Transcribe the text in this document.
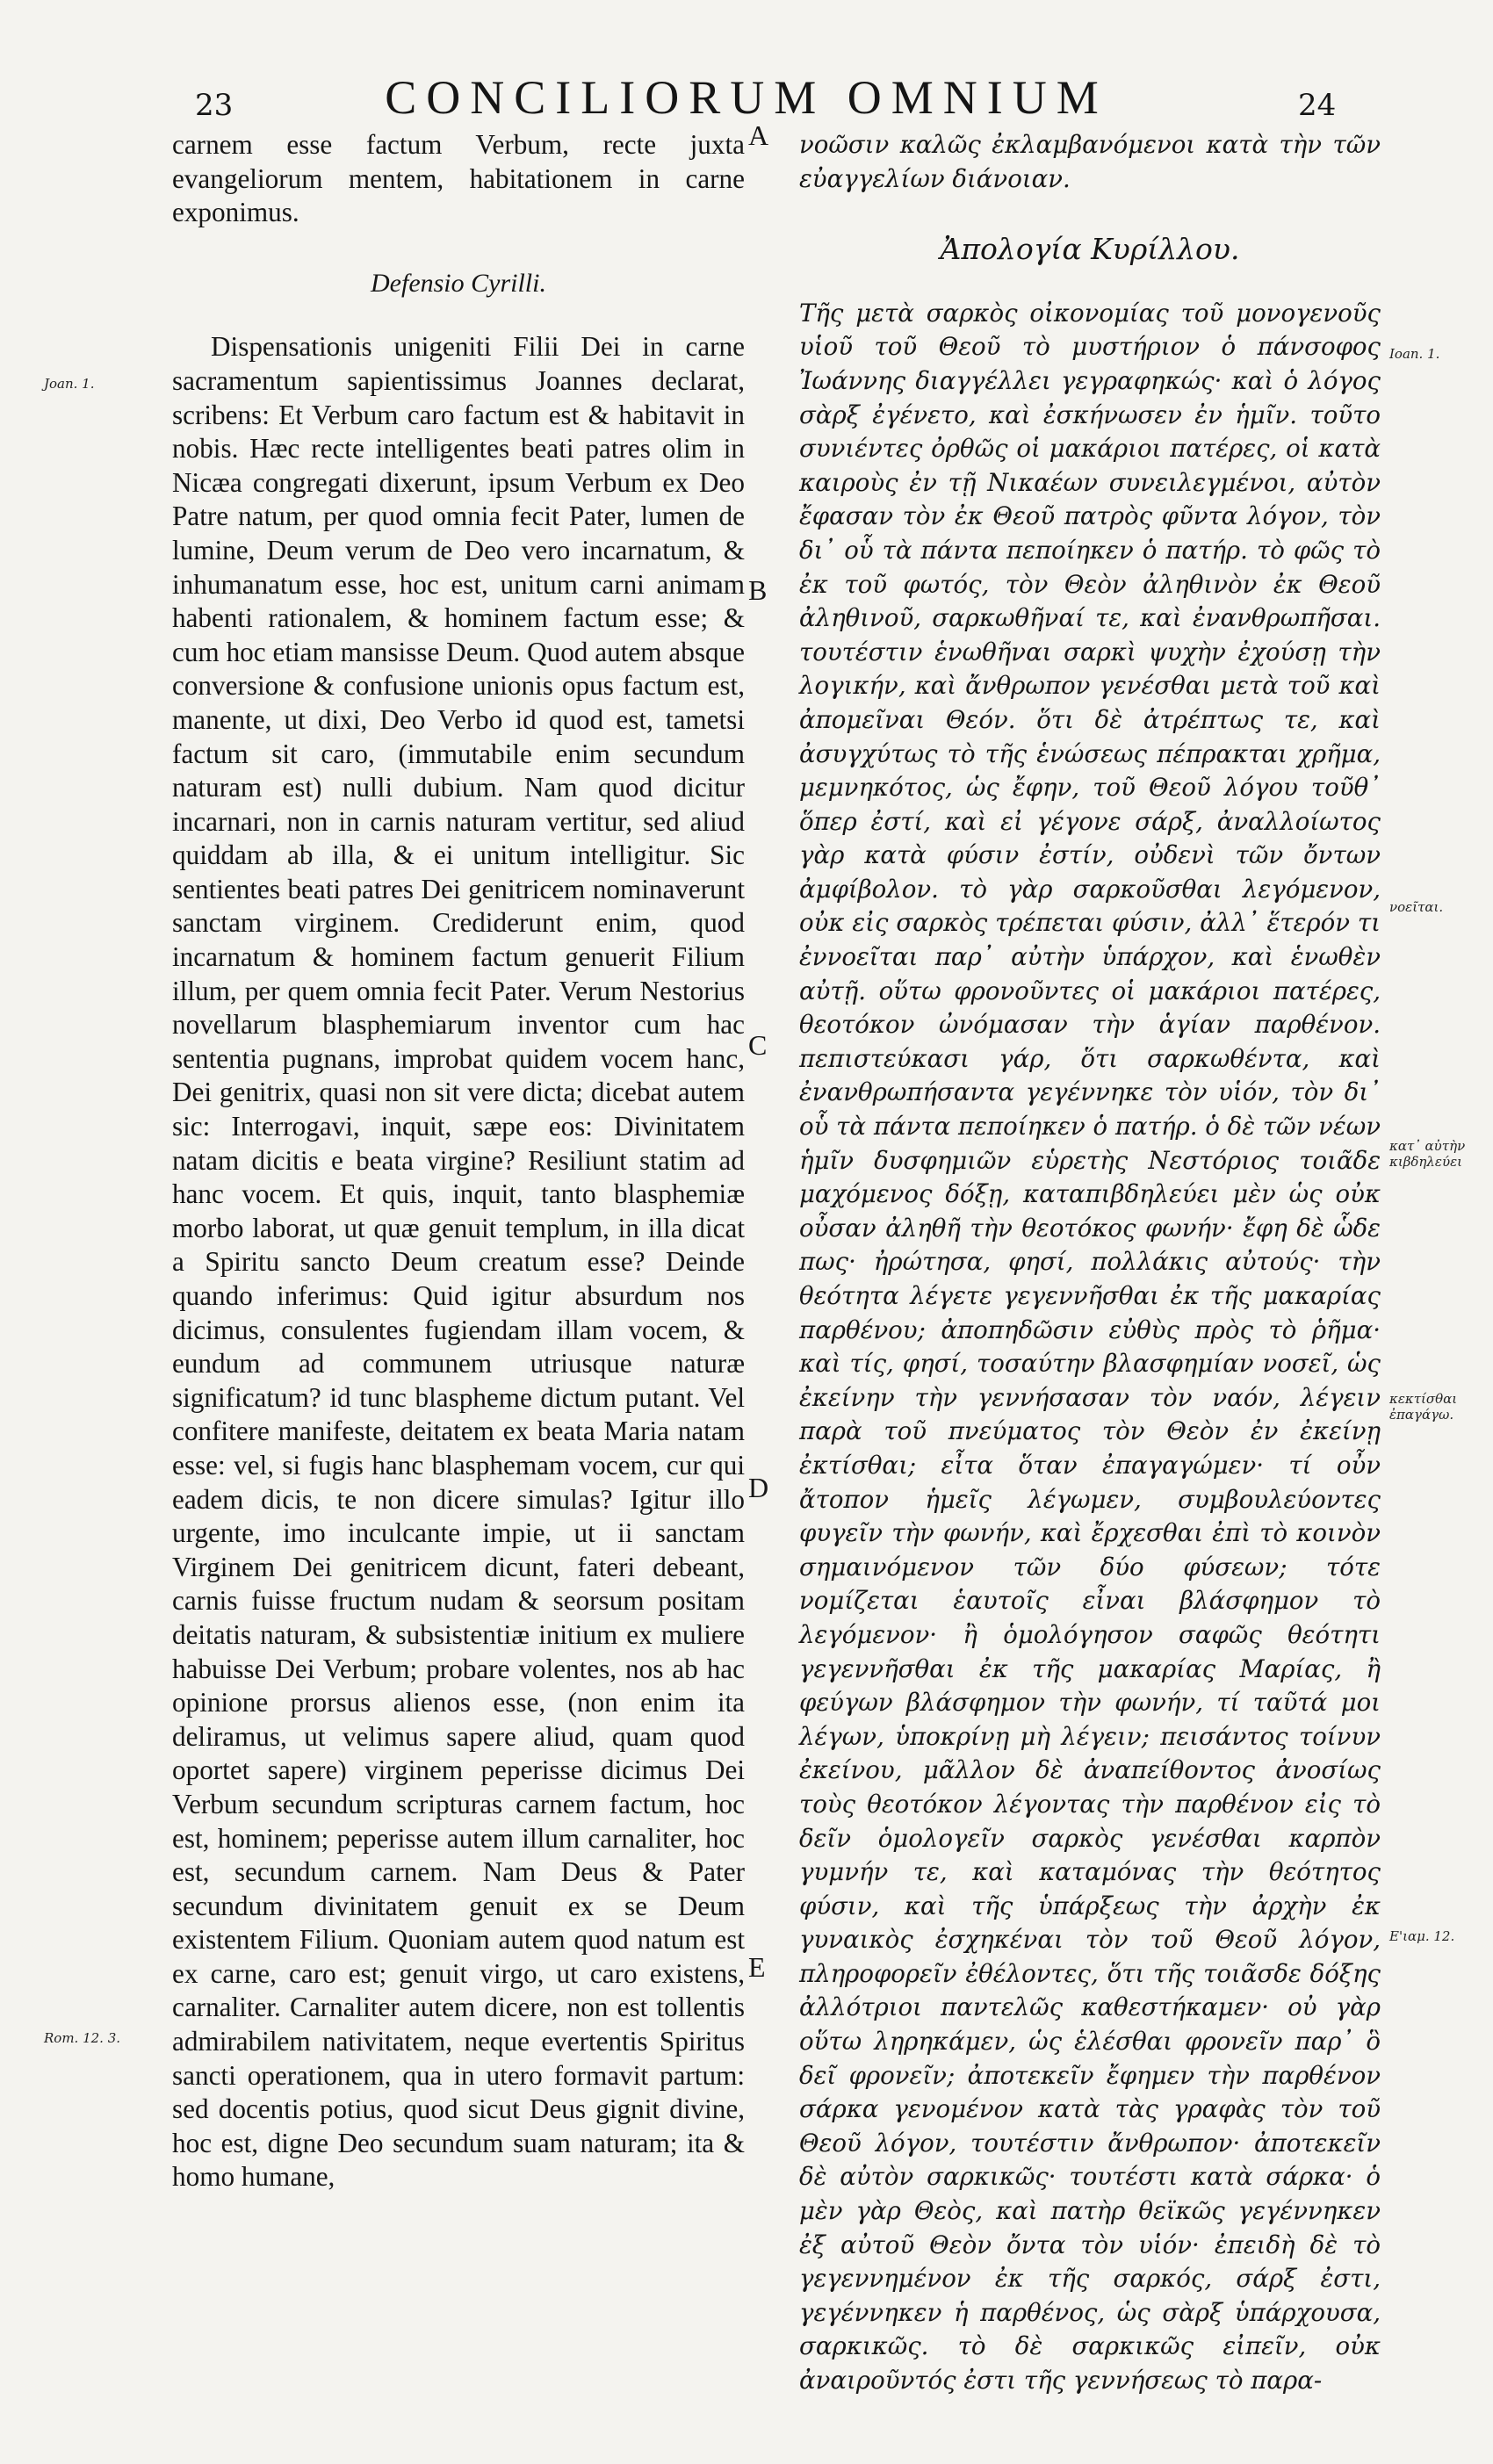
23	CONCILIORUM OMNIUM	24

carnem esse factum Verbum, recte juxta evangeliorum mentem, habitationem in carne exponimus.

Defensio Cyrilli.

Dispensationis unigeniti Filii Dei in carne sacramentum sapientissimus Joannes declarat, scribens: Et Verbum caro factum est & habitavit in nobis. Hæc recte intelligentes beati patres olim in Nicæa congregati dixerunt, ipsum Verbum ex Deo Patre natum, per quod omnia fecit Pater, lumen de lumine, Deum verum de Deo vero incarnatum, & inhumanatum esse, hoc est, unitum carni animam habenti rationalem, & hominem factum esse; & cum hoc etiam mansisse Deum. Quod autem absque conversione & confusione unionis opus factum est, manente, ut dixi, Deo Verbo id quod est, tametsi factum sit caro, (immutabile enim secundum naturam est) nulli dubium. Nam quod dicitur incarnari, non in carnis naturam vertitur, sed aliud quiddam ab illa, & ei unitum intelligitur. Sic sentientes beati patres Dei genitricem nominaverunt sanctam virginem. Crediderunt enim, quod incarnatum & hominem factum genuerit Filium illum, per quem omnia fecit Pater. Verum Nestorius novellarum blasphemiarum inventor cum hac sententia pugnans, improbat quidem vocem hanc, Dei genitrix, quasi non sit vere dicta; dicebat autem sic: Interrogavi, inquit, sæpe eos: Divinitatem natam dicitis e beata virgine? Resiliunt statim ad hanc vocem. Et quis, inquit, tanto blasphemiæ morbo laborat, ut quæ genuit templum, in illa dicat a Spiritu sancto Deum creatum esse? Deinde quando inferimus: Quid igitur absurdum nos dicimus, consulentes fugiendam illam vocem, & eundum ad communem utriusque naturæ significatum? id tunc blaspheme dictum putant. Vel confitere manifeste, deitatem ex beata Maria natam esse: vel, si fugis hanc blasphemam vocem, cur qui eadem dicis, te non dicere simulas? Igitur illo urgente, imo inculcante impie, ut ii sanctam Virginem Dei genitricem dicunt, fateri debeant, carnis fuisse fructum nudam & seorsum positam deitatis naturam, & subsistentiæ initium ex muliere habuisse Dei Verbum; probare volentes, nos ab hac opinione prorsus alienos esse, (non enim ita deliramus, ut velimus sapere aliud, quam quod oportet sapere) virginem peperisse dicimus Dei Verbum secundum scripturas carnem factum, hoc est, hominem; peperisse autem illum carnaliter, hoc est, secundum carnem. Nam Deus & Pater secundum divinitatem genuit ex se Deum existentem Filium. Quoniam autem quod natum est ex carne, caro est; genuit virgo, ut caro existens, carnaliter. Carnaliter autem dicere, non est tollentis admirabilem nativitatem, neque evertentis Spiritus sancti operationem, qua in utero formavit partum: sed docentis potius, quod sicut Deus gignit divine, hoc est, digne Deo secundum suam naturam; ita & homo humane,

νοῶσιν καλῶς ἐκλαμβανόμενοι κατὰ τὴν τῶν εὐαγγελίων διάνοιαν.

Ἀπολογία Κυρίλλου.

Τῆς μετὰ σαρκὸς οἰκονομίας τοῦ μονογενοῦς υἱοῦ τοῦ Θεοῦ τὸ μυστήριον ὁ πάνσοφος Ἰωάννης διαγγέλλει γεγραφηκώς· καὶ ὁ λόγος σὰρξ ἐγένετο, καὶ ἐσκήνωσεν ἐν ἡμῖν. τοῦτο συνιέντες ὀρθῶς οἱ μακάριοι πατέρες, οἱ κατὰ καιροὺς ἐν τῇ Νικαέων συνειλεγμένοι, αὐτὸν ἔφασαν τὸν ἐκ Θεοῦ πατρὸς φῦντα λόγον, τὸν δι᾽ οὗ τὰ πάντα πεποίηκεν ὁ πατήρ. τὸ φῶς τὸ ἐκ τοῦ φωτός, τὸν Θεὸν ἀληθινὸν ἐκ Θεοῦ ἀληθινοῦ, σαρκωθῆναί τε, καὶ ἐνανθρωπῆσαι. τουτέστιν ἑνωθῆναι σαρκὶ ψυχὴν ἐχούσῃ τὴν λογικήν, καὶ ἄνθρωπον γενέσθαι μετὰ τοῦ καὶ ἀπομεῖναι Θεόν. ὅτι δὲ ἀτρέπτως τε, καὶ ἀσυγχύτως τὸ τῆς ἑνώσεως πέπρακται χρῆμα, μεμνηκότος, ὡς ἔφην, τοῦ Θεοῦ λόγου τοῦθ᾽ ὅπερ ἐστί, καὶ εἰ γέγονε σάρξ, ἀναλλοίωτος γὰρ κατὰ φύσιν ἐστίν, οὐδενὶ τῶν ὄντων ἀμφίβολον. τὸ γὰρ σαρκοῦσθαι λεγόμενον, οὐκ εἰς σαρκὸς τρέπεται φύσιν, ἀλλ᾽ ἕτερόν τι ἐννοεῖται παρ᾽ αὐτὴν ὑπάρχον, καὶ ἑνωθὲν αὐτῇ. οὕτω φρονοῦντες οἱ μακάριοι πατέρες, θεοτόκον ὠνόμασαν τὴν ἁγίαν παρθένον. πεπιστεύκασι γάρ, ὅτι σαρκωθέντα, καὶ ἐνανθρωπήσαντα γεγέννηκε τὸν υἱόν, τὸν δι᾽ οὗ τὰ πάντα πεποίηκεν ὁ πατήρ. ὁ δὲ τῶν νέων ἡμῖν δυσφημιῶν εὑρετὴς Νεστόριος τοιᾶδε μαχόμενος δόξῃ, καταπιβδηλεύει μὲν ὡς οὐκ οὖσαν ἀληθῆ τὴν θεοτόκος φωνήν· ἔφη δὲ ὧδε πως· ἠρώτησα, φησί, πολλάκις αὐτούς· τὴν θεότητα λέγετε γεγεννῆσθαι ἐκ τῆς μακαρίας παρθένου; ἀποπηδῶσιν εὐθὺς πρὸς τὸ ῥῆμα· καὶ τίς, φησί, τοσαύτην βλασφημίαν νοσεῖ, ὡς ἐκείνην τὴν γεννήσασαν τὸν ναόν, λέγειν παρὰ τοῦ πνεύματος τὸν Θεὸν ἐν ἐκείνῃ ἐκτίσθαι; εἶτα ὅταν ἐπαγαγώμεν· τί οὖν ἄτοπον ἡμεῖς λέγωμεν, συμβουλεύοντες φυγεῖν τὴν φωνήν, καὶ ἔρχεσθαι ἐπὶ τὸ κοινὸν σημαινόμενον τῶν δύο φύσεων; τότε νομίζεται ἑαυτοῖς εἶναι βλάσφημον τὸ λεγόμενον· ἢ ὁμολόγησον σαφῶς θεότητι γεγεννῆσθαι ἐκ τῆς μακαρίας Μαρίας, ἢ φεύγων βλάσφημον τὴν φωνήν, τί ταῦτά μοι λέγων, ὑποκρίνῃ μὴ λέγειν; πεισάντος τοίνυν ἐκείνου, μᾶλλον δὲ ἀναπείθοντος ἀνοσίως τοὺς θεοτόκον λέγοντας τὴν παρθένον εἰς τὸ δεῖν ὁμολογεῖν σαρκὸς γενέσθαι καρπὸν γυμνήν τε, καὶ καταμόνας τὴν θεότητος φύσιν, καὶ τῆς ὑπάρξεως τὴν ἀρχὴν ἐκ γυναικὸς ἐσχηκέναι τὸν τοῦ Θεοῦ λόγον, πληροφορεῖν ἐθέλοντες, ὅτι τῆς τοιᾶσδε δόξης ἀλλότριοι παντελῶς καθεστήκαμεν· οὐ γὰρ οὕτω ληρηκάμεν, ὡς ἑλέσθαι φρονεῖν παρ᾽ ὃ δεῖ φρονεῖν; ἀποτεκεῖν ἔφημεν τὴν παρθένον σάρκα γενομένον κατὰ τὰς γραφὰς τὸν τοῦ Θεοῦ λόγον, τουτέστιν ἄνθρωπον· ἀποτεκεῖν δὲ αὐτὸν σαρκικῶς· τουτέστι κατὰ σάρκα· ὁ μὲν γὰρ Θεὸς, καὶ πατὴρ θεϊκῶς γεγέννηκεν ἐξ αὐτοῦ Θεὸν ὄντα τὸν υἱόν· ἐπειδὴ δὲ τὸ γεγεννημένον ἐκ τῆς σαρκός, σάρξ ἐστι, γεγέννηκεν ἡ παρθένος, ὡς σὰρξ ὑπάρχουσα, σαρκικῶς. τὸ δὲ σαρκικῶς εἰπεῖν, οὐκ ἀναιροῦντός ἐστι τῆς γεννήσεως τὸ παρα-

A
B
C
D
E
Joan. 1.
Rom. 12. 3.
Ioan. 1.
νοεῖται.
κατ᾽ αὐτὴν κιβδηλεύει
κεκτίσθαι ἐπαγάγω.
E'ιαμ. 12.
